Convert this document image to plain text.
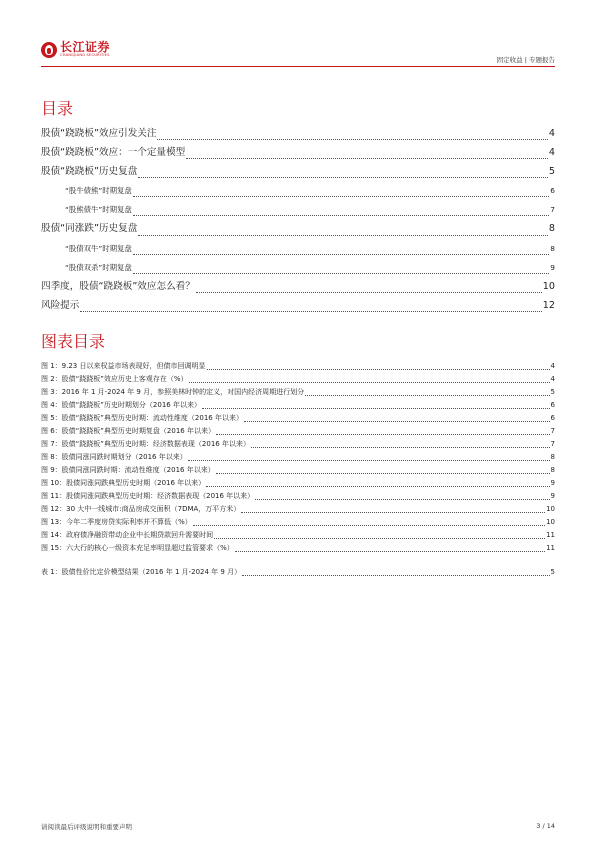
长江证券
CHANGJIANG SECURITIES
固定收益 | 专题报告
目录
股债“跷跷板”效应引发关注	4
股债“跷跷板”效应：一个定量模型	4
股债“跷跷板”历史复盘	5
“股牛债熊”时期复盘	6
“股熊债牛”时期复盘	7
股债“同涨跌”历史复盘	8
“股债双牛”时期复盘	8
“股债双杀”时期复盘	9
四季度，股债“跷跷板”效应怎么看？	10
风险提示	12
图表目录
图 1：9.23 日以来权益市场表现好，但债市回调明显	4
图 2：股债“跷跷板”效应历史上客观存在（%）	4
图 3：2016 年 1 月-2024 年 9 月，参照美林时钟的定义，对国内经济周期进行划分	5
图 4：股债“跷跷板”历史时期划分（2016 年以来）	6
图 5：股债“跷跷板”典型历史时期：流动性维度（2016 年以来）	6
图 6：股债“跷跷板”典型历史时期复盘（2016 年以来）	7
图 7：股债“跷跷板”典型历史时期：经济数据表现（2016 年以来）	7
图 8：股债同涨同跌时期划分（2016 年以来）	8
图 9：股债同涨同跌时期：流动性维度（2016 年以来）	8
图 10：股债同涨同跌典型历史时期（2016 年以来）	9
图 11：股债同涨同跌典型历史时期：经济数据表现（2016 年以来）	9
图 12：30 大中一线城市:商品房成交面积（7DMA，万平方米）	10
图 13：今年二季度房贷实际利率并不算低（%）	10
图 14：政府债净融资带动企业中长期贷款回升需要时间	11
图 15：六大行的核心一级资本充足率明显超过监管要求（%）	11
表 1：股债性价比定价模型结果（2016 年 1 月-2024 年 9 月）	5
请阅读最后评级说明和重要声明	3 / 14
